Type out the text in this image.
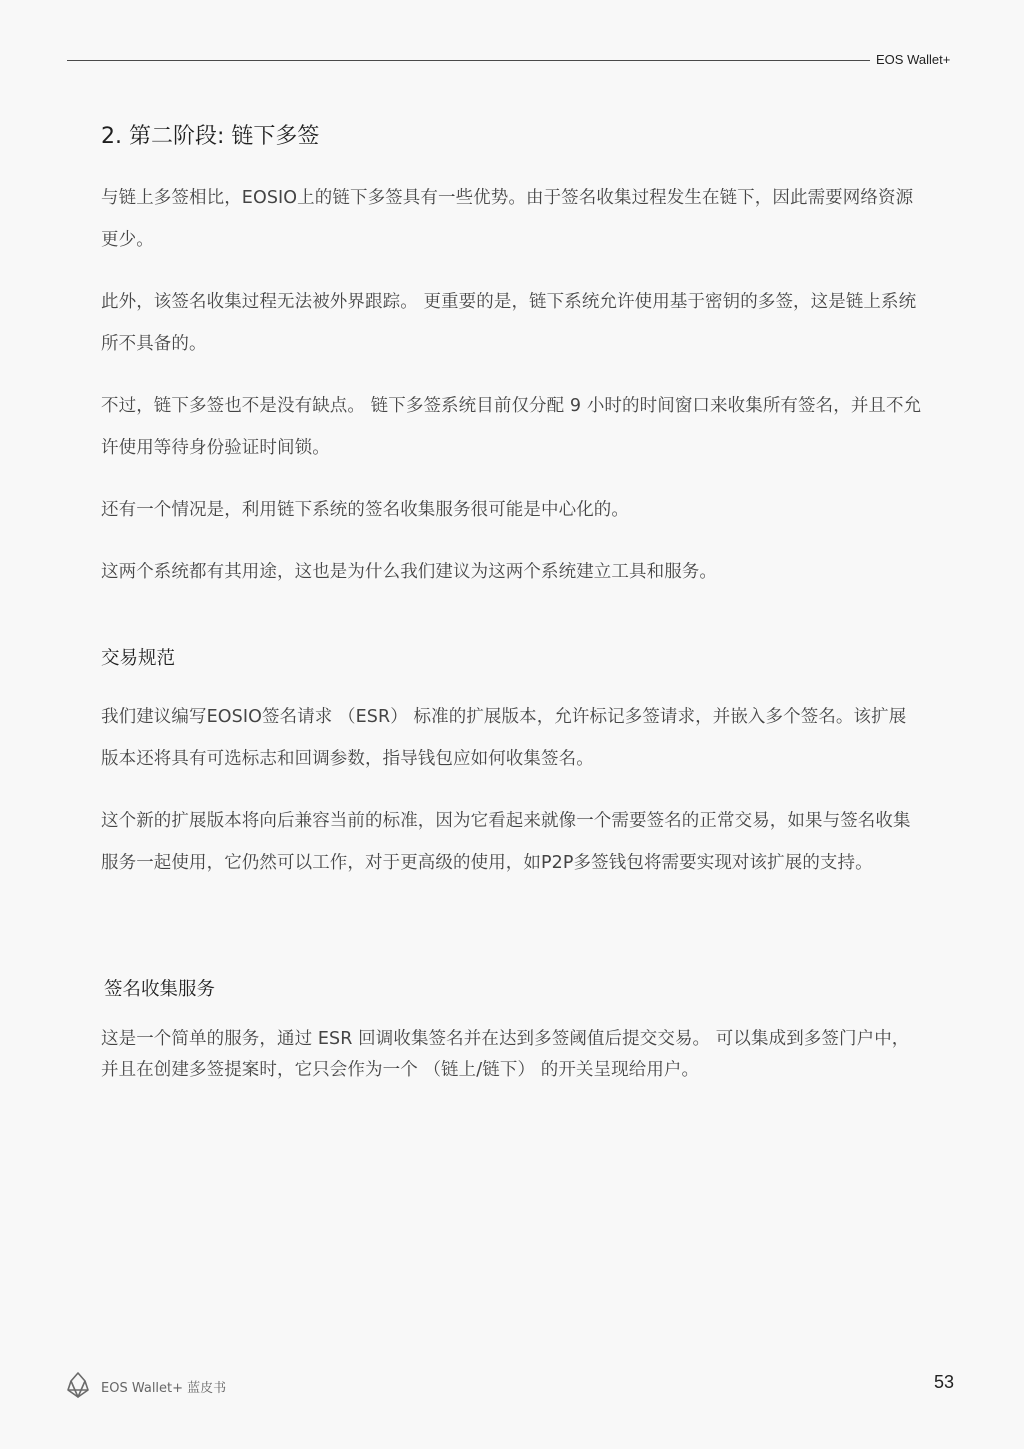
EOS Wallet+
2. 第二阶段: 链下多签

与链上多签相比，EOSIO上的链下多签具有一些优势。由于签名收集过程发生在链下，因此需要网络资源更少。

此外，该签名收集过程无法被外界跟踪。 更重要的是，链下系统允许使用基于密钥的多签，这是链上系统所不具备的。

不过，链下多签也不是没有缺点。 链下多签系统目前仅分配 9 小时的时间窗口来收集所有签名，并且不允许使用等待身份验证时间锁。

还有一个情况是，利用链下系统的签名收集服务很可能是中心化的。

这两个系统都有其用途，这也是为什么我们建议为这两个系统建立工具和服务。

交易规范

我们建议编写EOSIO签名请求 （ESR） 标准的扩展版本，允许标记多签请求，并嵌入多个签名。该扩展版本还将具有可选标志和回调参数，指导钱包应如何收集签名。

这个新的扩展版本将向后兼容当前的标准，因为它看起来就像一个需要签名的正常交易，如果与签名收集服务一起使用，它仍然可以工作，对于更高级的使用，如P2P多签钱包将需要实现对该扩展的支持。

签名收集服务

这是一个简单的服务，通过 ESR 回调收集签名并在达到多签阈值后提交交易。 可以集成到多签门户中，并且在创建多签提案时，它只会作为一个 （链上/链下） 的开关呈现给用户。

EOS Wallet+ 蓝皮书	53
